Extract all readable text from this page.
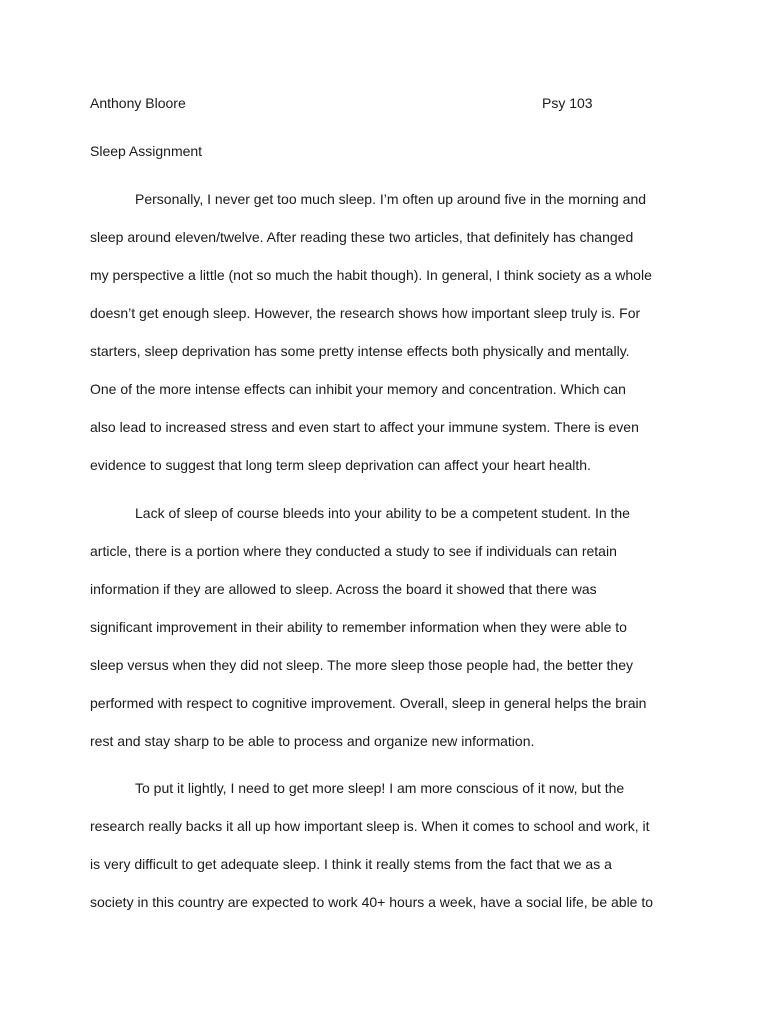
Anthony Bloore	Psy 103
Sleep Assignment
Personally, I never get too much sleep. I’m often up around five in the morning and
sleep around eleven/twelve. After reading these two articles, that definitely has changed
my perspective a little (not so much the habit though). In general, I think society as a whole
doesn’t get enough sleep. However, the research shows how important sleep truly is. For
starters, sleep deprivation has some pretty intense effects both physically and mentally.
One of the more intense effects can inhibit your memory and concentration. Which can
also lead to increased stress and even start to affect your immune system. There is even
evidence to suggest that long term sleep deprivation can affect your heart health.
Lack of sleep of course bleeds into your ability to be a competent student. In the
article, there is a portion where they conducted a study to see if individuals can retain
information if they are allowed to sleep. Across the board it showed that there was
significant improvement in their ability to remember information when they were able to
sleep versus when they did not sleep. The more sleep those people had, the better they
performed with respect to cognitive improvement. Overall, sleep in general helps the brain
rest and stay sharp to be able to process and organize new information.
To put it lightly, I need to get more sleep! I am more conscious of it now, but the
research really backs it all up how important sleep is. When it comes to school and work, it
is very difficult to get adequate sleep. I think it really stems from the fact that we as a
society in this country are expected to work 40+ hours a week, have a social life, be able to
